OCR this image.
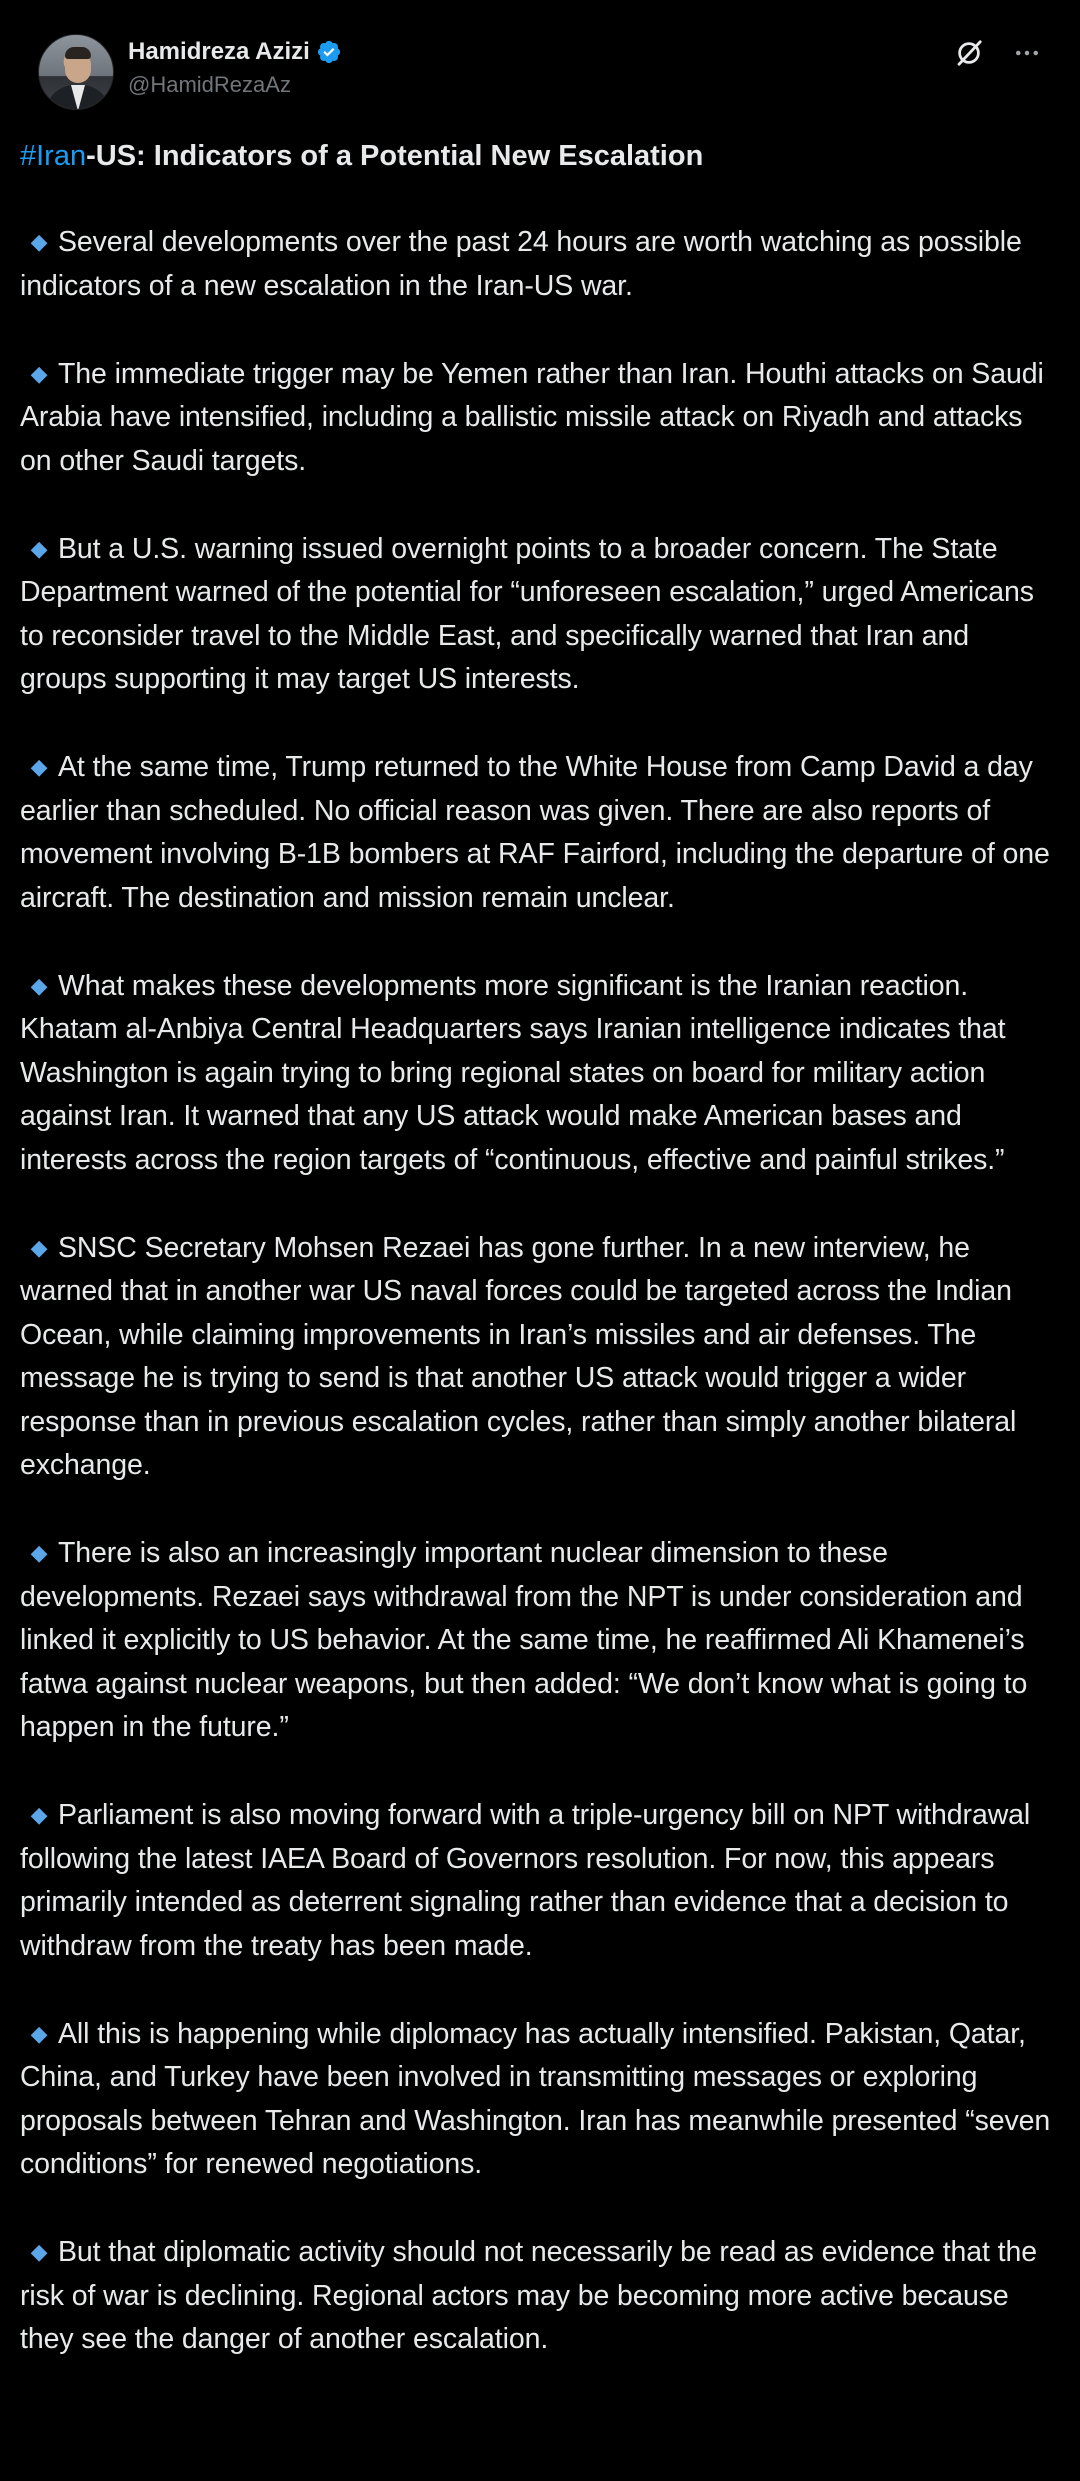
Hamidreza Azizi
@HamidRezaAz
#Iran-US: Indicators of a Potential New Escalation
◆ Several developments over the past 24 hours are worth watching as possible indicators of a new escalation in the Iran-US war.
◆ The immediate trigger may be Yemen rather than Iran. Houthi attacks on Saudi Arabia have intensified, including a ballistic missile attack on Riyadh and attacks on other Saudi targets.
◆ But a U.S. warning issued overnight points to a broader concern. The State Department warned of the potential for “unforeseen escalation,” urged Americans to reconsider travel to the Middle East, and specifically warned that Iran and groups supporting it may target US interests.
◆ At the same time, Trump returned to the White House from Camp David a day earlier than scheduled. No official reason was given. There are also reports of movement involving B-1B bombers at RAF Fairford, including the departure of one aircraft. The destination and mission remain unclear.
◆ What makes these developments more significant is the Iranian reaction. Khatam al-Anbiya Central Headquarters says Iranian intelligence indicates that Washington is again trying to bring regional states on board for military action against Iran. It warned that any US attack would make American bases and interests across the region targets of “continuous, effective and painful strikes.”
◆ SNSC Secretary Mohsen Rezaei has gone further. In a new interview, he warned that in another war US naval forces could be targeted across the Indian Ocean, while claiming improvements in Iran’s missiles and air defenses. The message he is trying to send is that another US attack would trigger a wider response than in previous escalation cycles, rather than simply another bilateral exchange.
◆ There is also an increasingly important nuclear dimension to these developments. Rezaei says withdrawal from the NPT is under consideration and linked it explicitly to US behavior. At the same time, he reaffirmed Ali Khamenei’s fatwa against nuclear weapons, but then added: “We don’t know what is going to happen in the future.”
◆ Parliament is also moving forward with a triple-urgency bill on NPT withdrawal following the latest IAEA Board of Governors resolution. For now, this appears primarily intended as deterrent signaling rather than evidence that a decision to withdraw from the treaty has been made.
◆ All this is happening while diplomacy has actually intensified. Pakistan, Qatar, China, and Turkey have been involved in transmitting messages or exploring proposals between Tehran and Washington. Iran has meanwhile presented “seven conditions” for renewed negotiations.
◆ But that diplomatic activity should not necessarily be read as evidence that the risk of war is declining. Regional actors may be becoming more active because they see the danger of another escalation.
